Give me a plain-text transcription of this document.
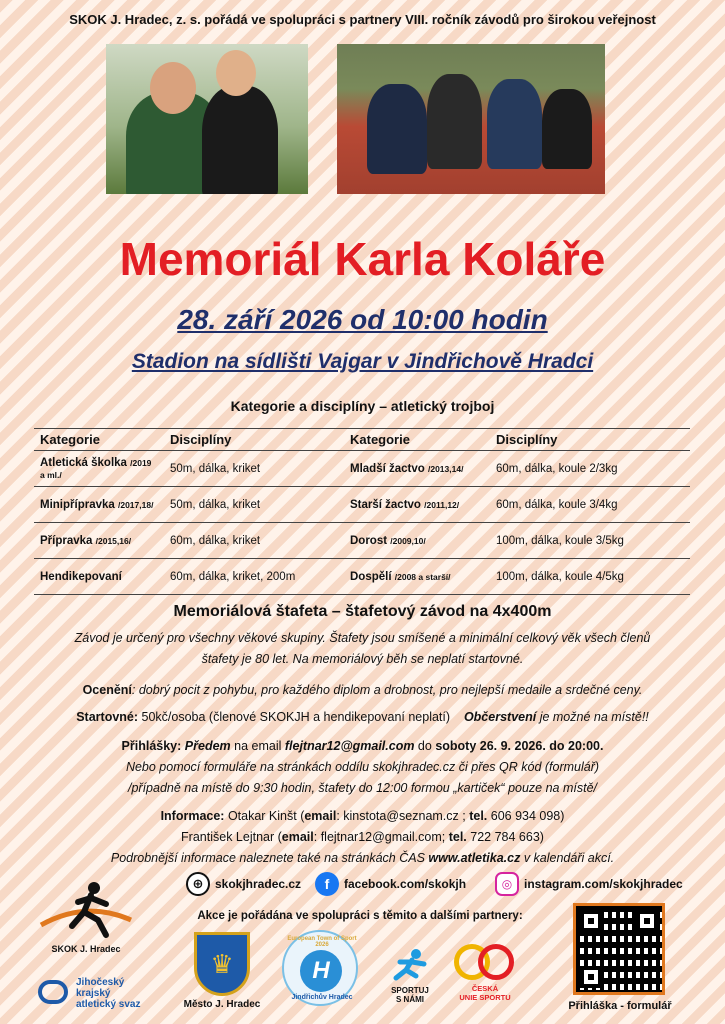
SKOK J. Hradec, z. s. pořádá ve spolupráci s partnery VIII. ročník závodů pro širokou veřejnost
Memoriál Karla Koláře
28. září 2026 od 10:00 hodin
Stadion na sídlišti Vajgar v Jindřichově Hradci
Kategorie a disciplíny – atletický trojboj
Kategorie	Disciplíny	Kategorie	Disciplíny
Atletická školka /2019 a ml./	50m, dálka, kriket	Mladší žactvo /2013,14/	60m, dálka, koule 2/3kg
Minipřípravka /2017,18/	50m, dálka, kriket	Starší žactvo /2011,12/	60m, dálka, koule 3/4kg
Přípravka /2015,16/	60m, dálka, kriket	Dorost /2009,10/	100m, dálka, koule 3/5kg
Hendikepovaní	60m, dálka, kriket, 200m	Dospělí /2008 a starší/	100m, dálka, koule 4/5kg
Memoriálová štafeta – štafetový závod na 4x400m
Závod je určený pro všechny věkové skupiny. Štafety jsou smíšené a minimální celkový věk všech členů
štafety je 80 let. Na memoriálový běh se neplatí startovné.
Ocenění: dobrý pocit z pohybu, pro každého diplom a drobnost, pro nejlepší medaile a srdečné ceny.
Startovné: 50kč/osoba (členové SKOKJH a hendikepovaní neplatí) Občerstvení je možné na místě!!
Přihlášky: Předem na email flejtnar12@gmail.com do soboty 26. 9. 2026. do 20:00.
Nebo pomocí formuláře na stránkách oddílu skokjhradec.cz či přes QR kód (formulář)
/případně na místě do 9:30 hodin, štafety do 12:00 formou „kartiček“ pouze na místě/
Informace: Otakar Kinšt (email: kinstota@seznam.cz ; tel. 606 934 098)
František Lejtnar (email: flejtnar12@gmail.com; tel. 722 784 663)
Podrobnější informace naleznete také na stránkách ČAS www.atletika.cz v kalendáři akcí.
⊕ skokjhradec.cz	f	facebook.com/skokjh	◎ instagram.com/skokjhradec
Akce je pořádána ve spolupráci s těmito a dalšími partnery:
SKOK J. Hradec
Jihočeský
krajský
atletický svaz
♛
Město J. Hradec
European Town of Sport 2026
H
Jindřichův Hradec
SPORTUJ
S NÁMI
ČESKÁ
UNIE SPORTU
Přihláška - formulář
